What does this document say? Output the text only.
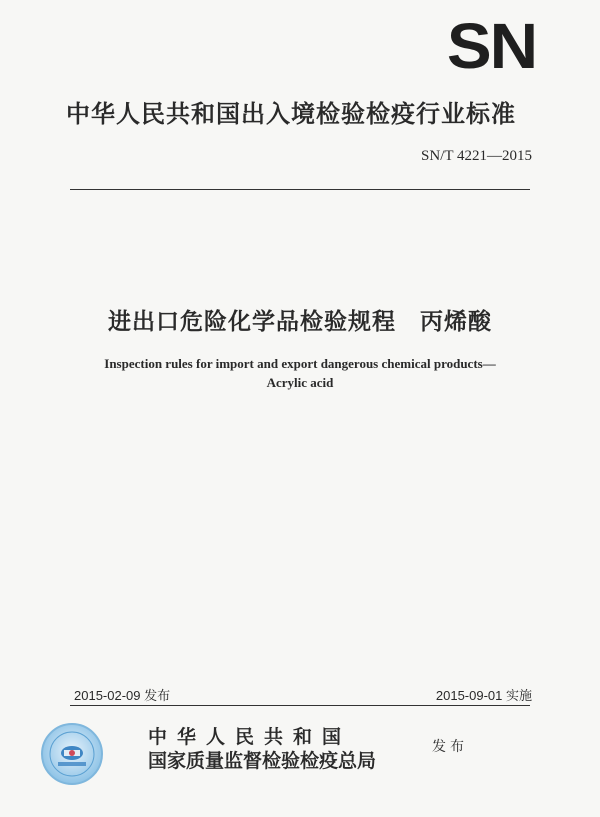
SN
中华人民共和国出入境检验检疫行业标准
SN/T 4221—2015
进出口危险化学品检验规程　丙烯酸
Inspection rules for import and export dangerous chemical products—
Acrylic acid
2015-02-09 发布	2015-09-01 实施
中华人民共和国
国家质量监督检验检疫总局
发布
